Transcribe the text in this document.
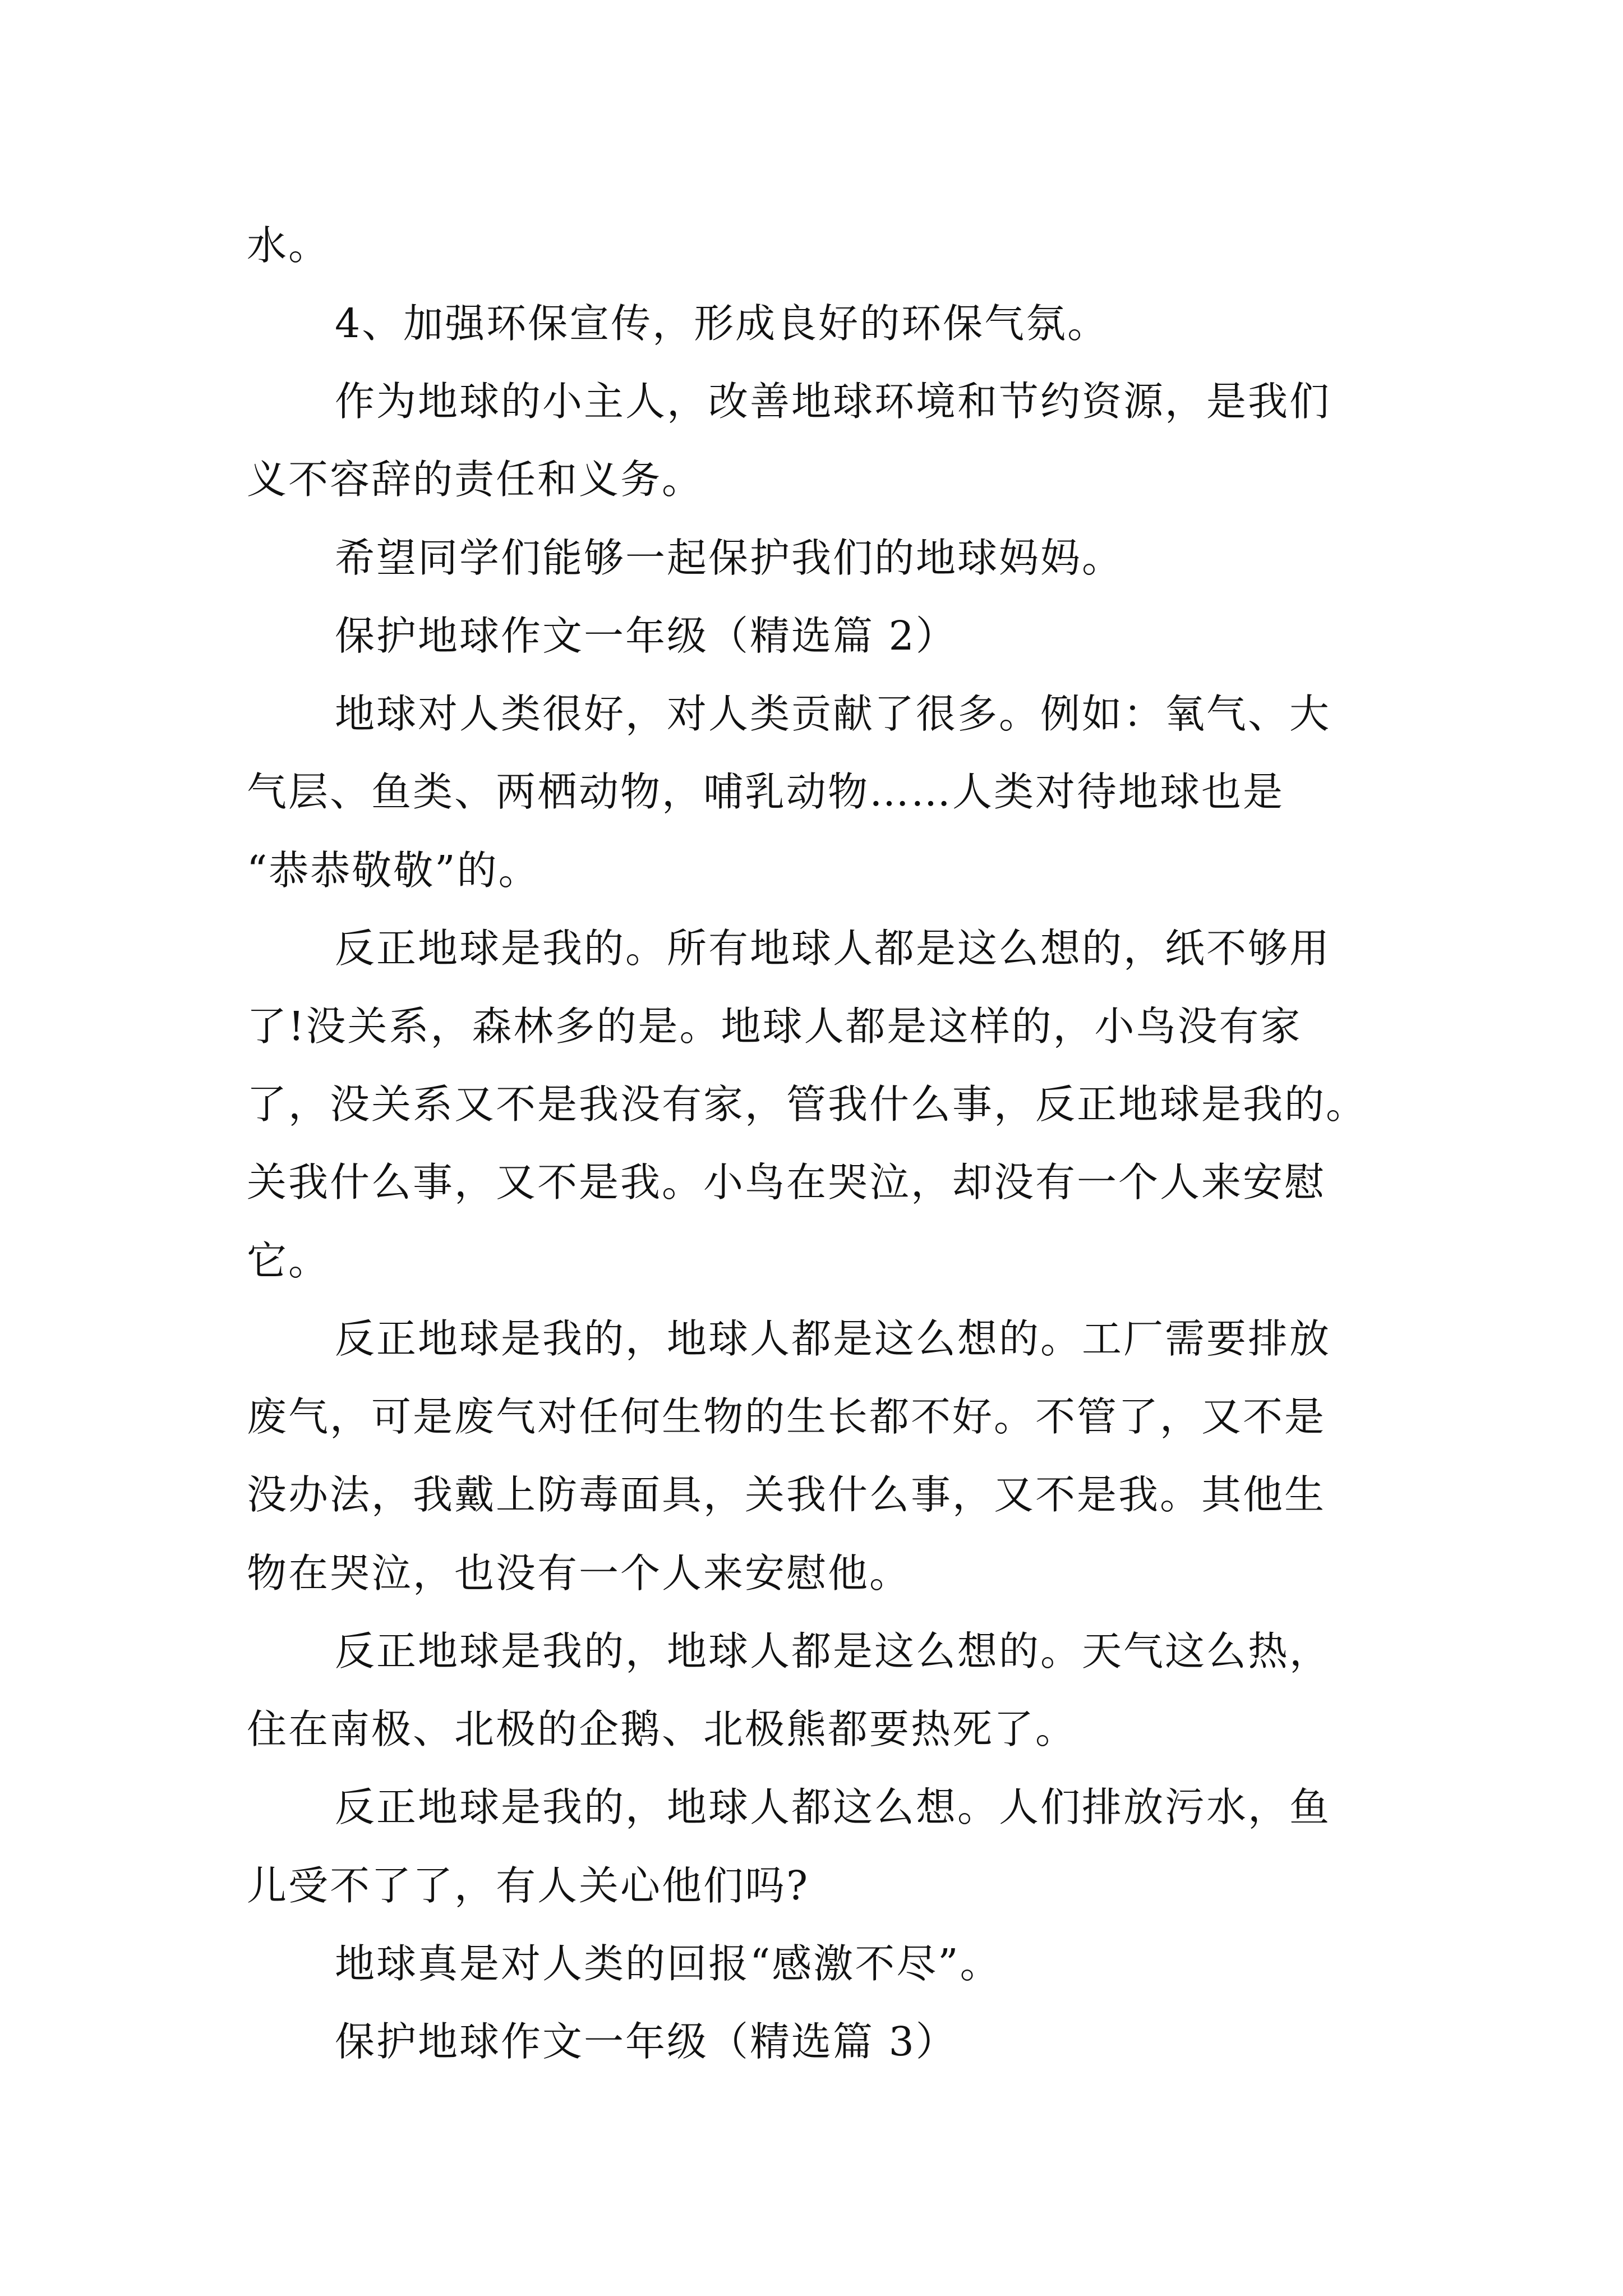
水。
4、加强环保宣传，形成良好的环保气氛。
作为地球的小主人，改善地球环境和节约资源，是我们
义不容辞的责任和义务。
希望同学们能够一起保护我们的地球妈妈。
保护地球作文一年级（精选篇 2）
地球对人类很好，对人类贡献了很多。例如：氧气、大
气层、鱼类、两栖动物，哺乳动物……人类对待地球也是
“恭恭敬敬”的。
反正地球是我的。所有地球人都是这么想的，纸不够用
了!没关系，森林多的是。地球人都是这样的，小鸟没有家
了，没关系又不是我没有家，管我什么事，反正地球是我的。
关我什么事，又不是我。小鸟在哭泣，却没有一个人来安慰
它。
反正地球是我的，地球人都是这么想的。工厂需要排放
废气，可是废气对任何生物的生长都不好。不管了，又不是
没办法，我戴上防毒面具，关我什么事，又不是我。其他生
物在哭泣，也没有一个人来安慰他。
反正地球是我的，地球人都是这么想的。天气这么热，
住在南极、北极的企鹅、北极熊都要热死了。
反正地球是我的，地球人都这么想。人们排放污水，鱼
儿受不了了，有人关心他们吗?
地球真是对人类的回报“感激不尽”。
保护地球作文一年级（精选篇 3）
